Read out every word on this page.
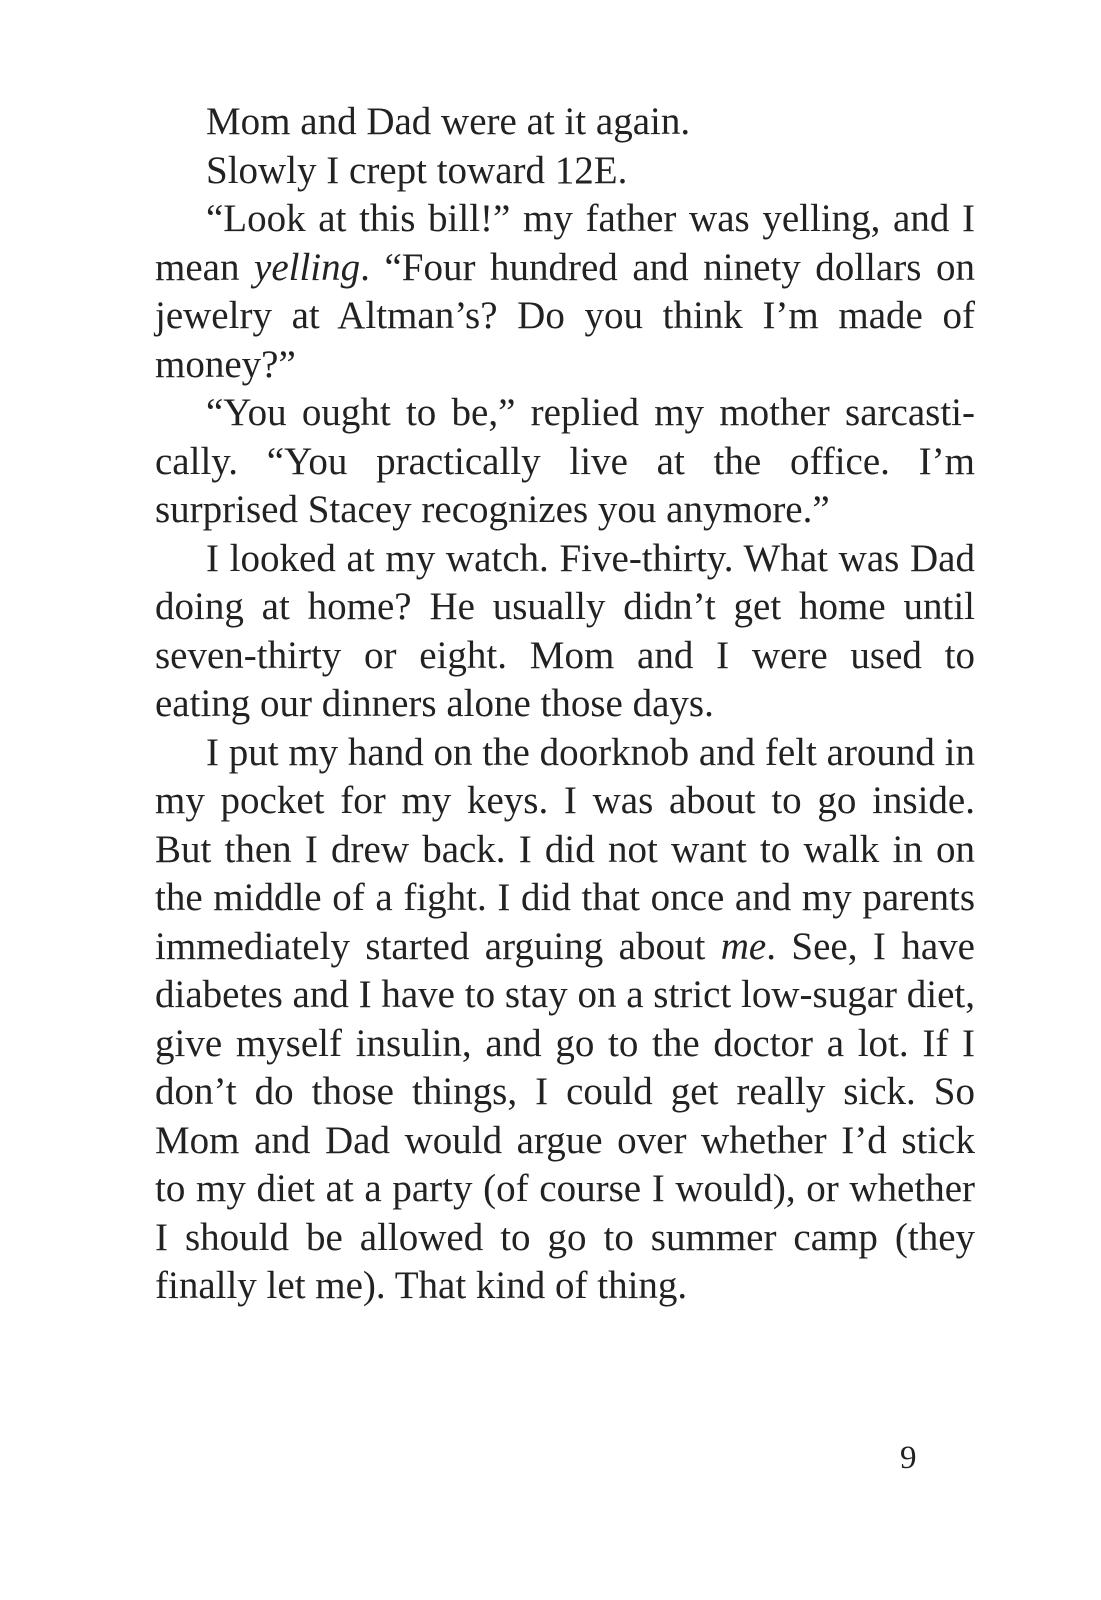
Mom and Dad were at it again.

Slowly I crept toward 12E.

“Look at this bill!” my father was yelling, and I mean yelling. “Four hundred and ninety dollars on jewelry at Altman’s? Do you think I’m made of money?”

“You ought to be,” replied my mother sarcastically. “You practically live at the office. I’m surprised Stacey recognizes you anymore.”

I looked at my watch. Five-thirty. What was Dad doing at home? He usually didn’t get home until seven-thirty or eight. Mom and I were used to eating our dinners alone those days.

I put my hand on the doorknob and felt around in my pocket for my keys. I was about to go inside. But then I drew back. I did not want to walk in on the middle of a fight. I did that once and my parents immediately started arguing about me. See, I have diabetes and I have to stay on a strict low-sugar diet, give myself insulin, and go to the doctor a lot. If I don’t do those things, I could get really sick. So Mom and Dad would argue over whether I’d stick to my diet at a party (of course I would), or whether I should be allowed to go to summer camp (they finally let me). That kind of thing.

9
